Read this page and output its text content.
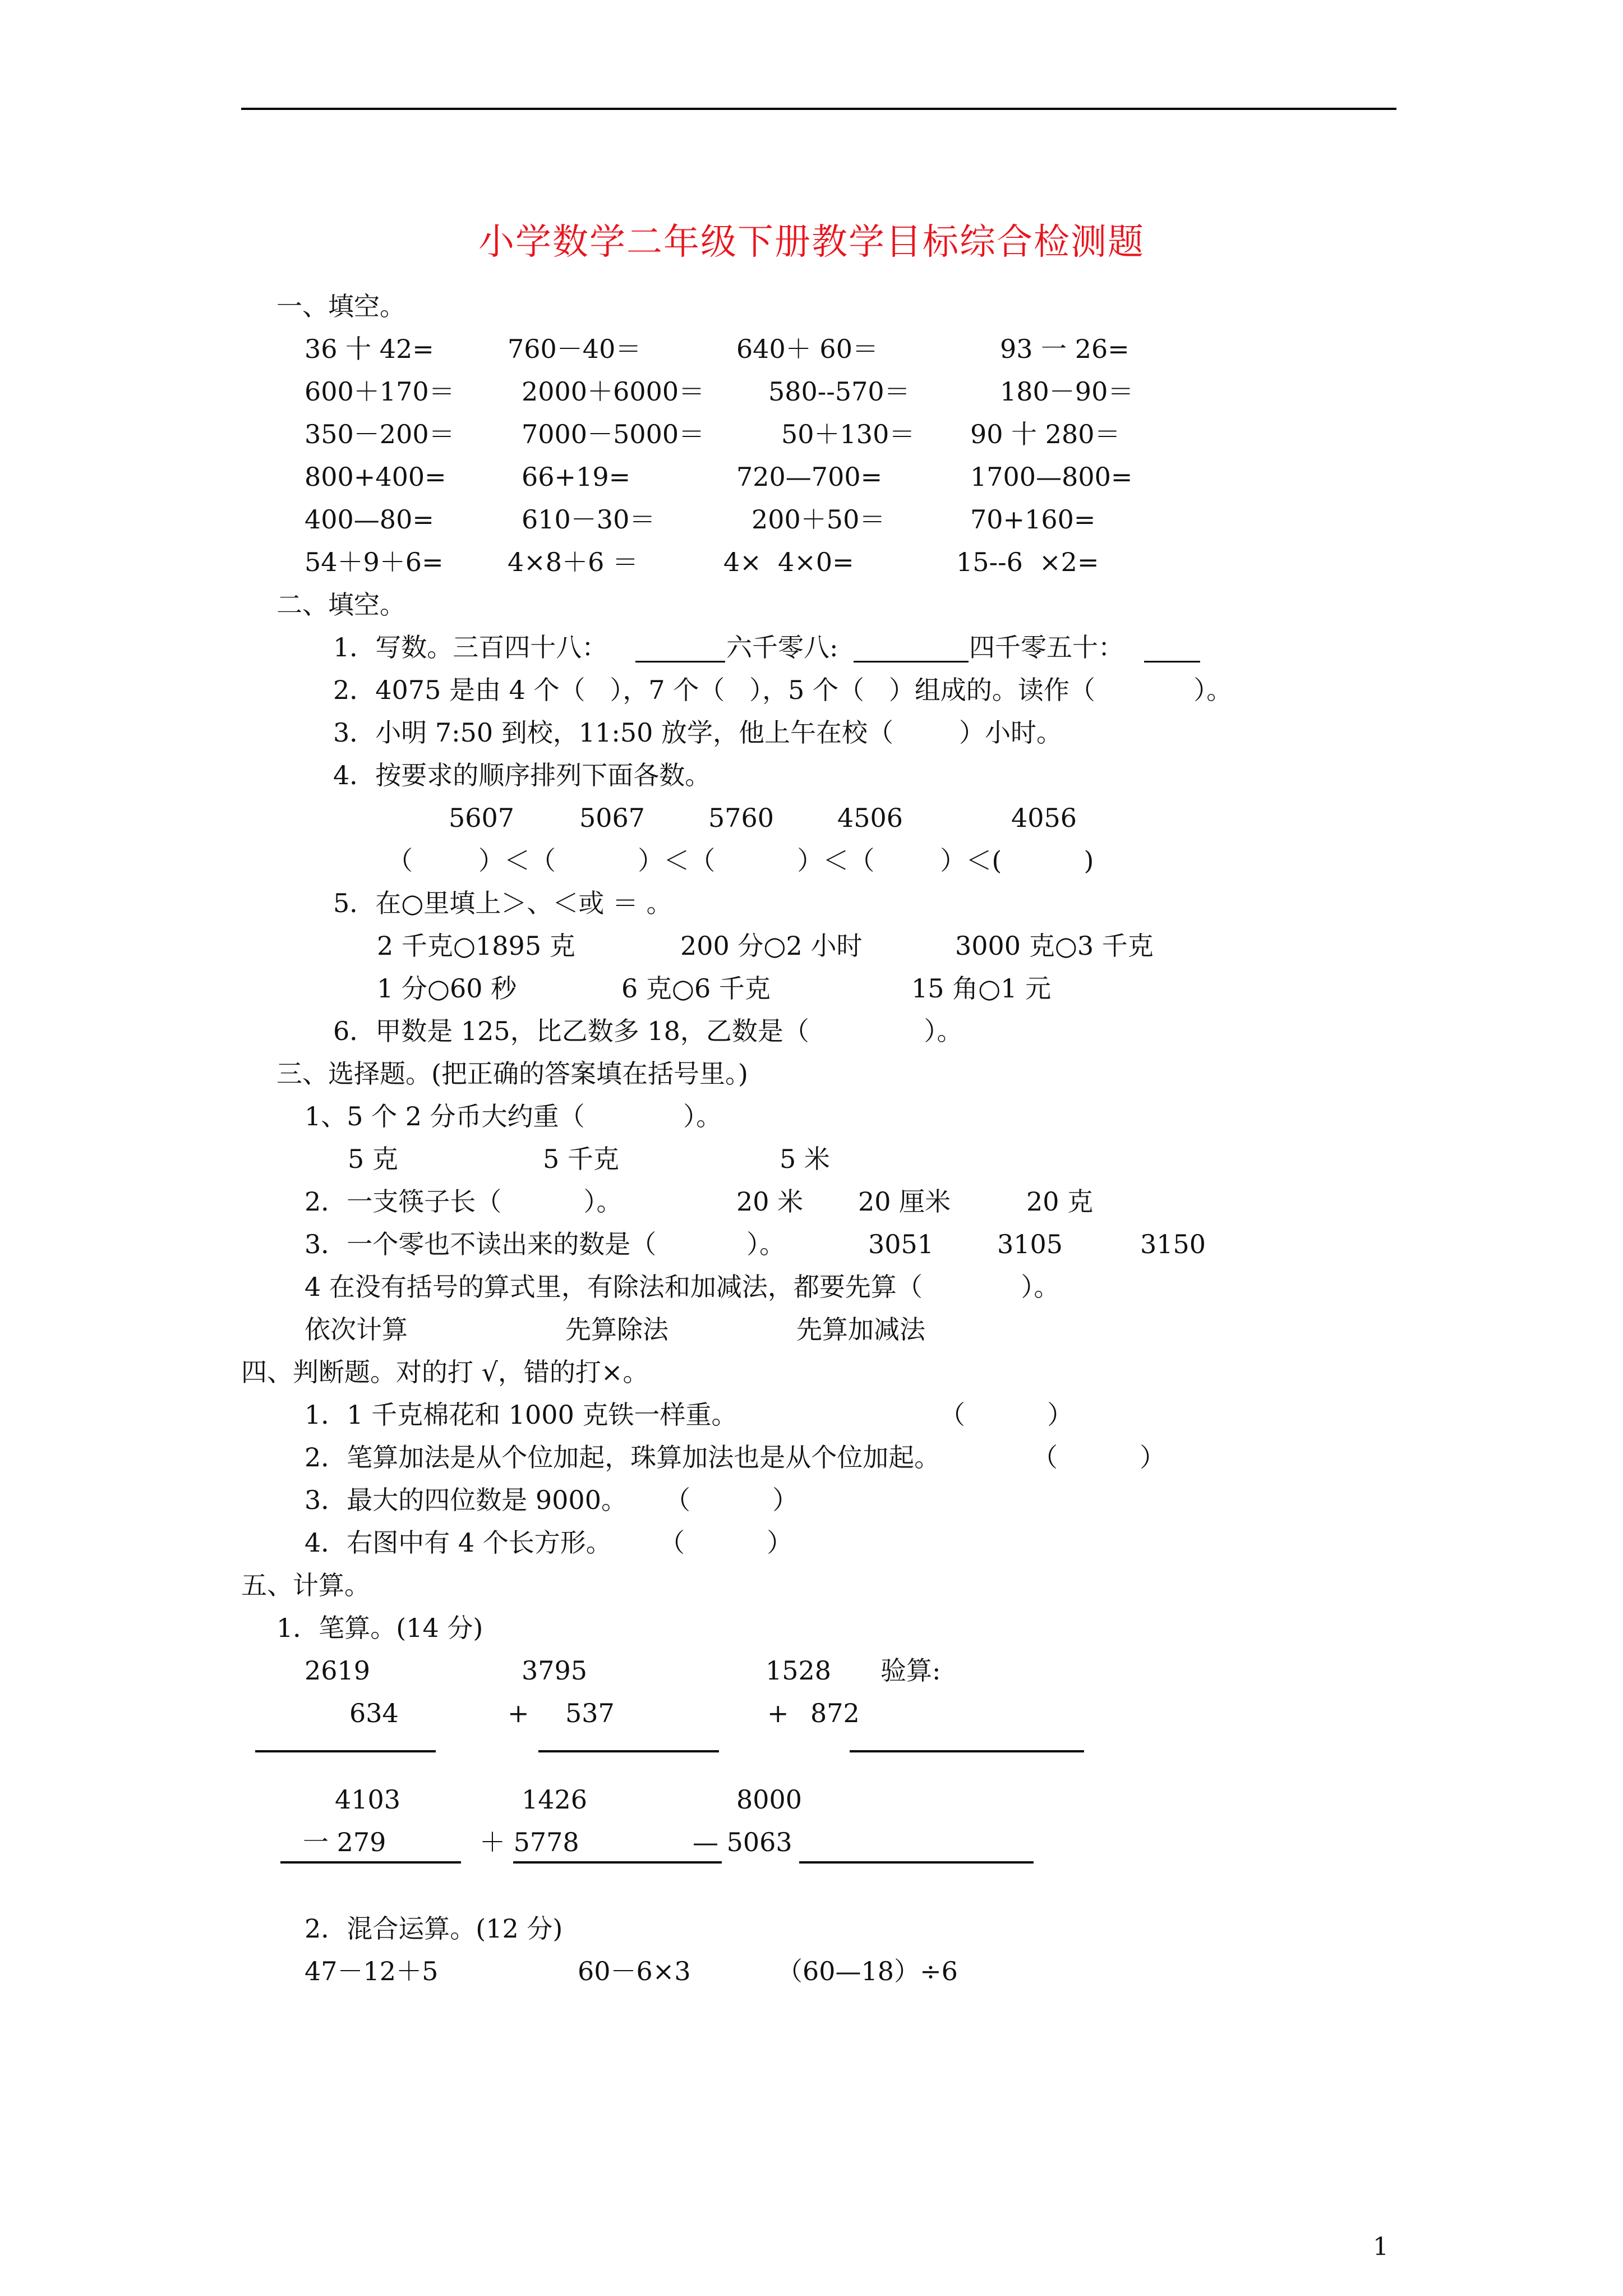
小学数学二年级下册教学目标综合检测题
一、填空。
36 十 42=	760－40＝	640＋ 60＝	93 一 26=
600＋170＝	2000＋6000＝ 580--570＝	180－90＝
350－200＝	7000－5000＝	50＋130＝ 90 十 280＝
800+400=	66+19=	720—700=	1700—800=
400—80=	610－30＝	200＋50＝	70+160=
54＋9＋6= 4×8＋6 ＝	4×  4×0=	15--6  ×2=
二、填空。
1．写数。三百四十八：	六千零八:	四千零五十：
2．4075 是由 4 个（   ），7 个（   ），5 个（   ）组成的。读作（            ）。
3．小明 7:50 到校，11:50 放学，他上午在校（        ）小时。
4．按要求的顺序排列下面各数。
5607	5067 5760 4506	4056
（        ）＜（          ）＜（          ）＜（        ）＜(          )
5．在○里填上＞、＜或 ＝ 。
2 千克○1895 克	200 分○2 小时	3000 克○3 千克
1 分○60 秒	6 克○6 千克	15 角○1 元
6．甲数是 125，比乙数多 18，乙数是（              ）。
三、选择题。(把正确的答案填在括号里。)
1、5 个 2 分币大约重（            ）。
5 克	5 千克	5 米
2．一支筷子长（          ）。	20 米 20 厘米	20 克
3．一个零也不读出来的数是（           ）。	3051 3105	3150
4 在没有括号的算式里，有除法和加减法，都要先算（            ）。
依次计算	先算除法	先算加减法
四、判断题。对的打 √，错的打×。
1．1 千克棉花和 1000 克铁一样重。	（          ）
2．笔算加法是从个位加起，珠算加法也是从个位加起。	（          ）
3．最大的四位数是 9000。 （          ）
4．右图中有 4 个长方形。 （          ）
五、计算。
1．笔算。(14 分)
2619	3795	1528 验算:
634	+ 537	+ 872
4103	1426	8000
一 279	＋ 5778	— 5063
2．混合运算。(12 分)
47－12＋5	60－6×3	（60—18）÷6
1
